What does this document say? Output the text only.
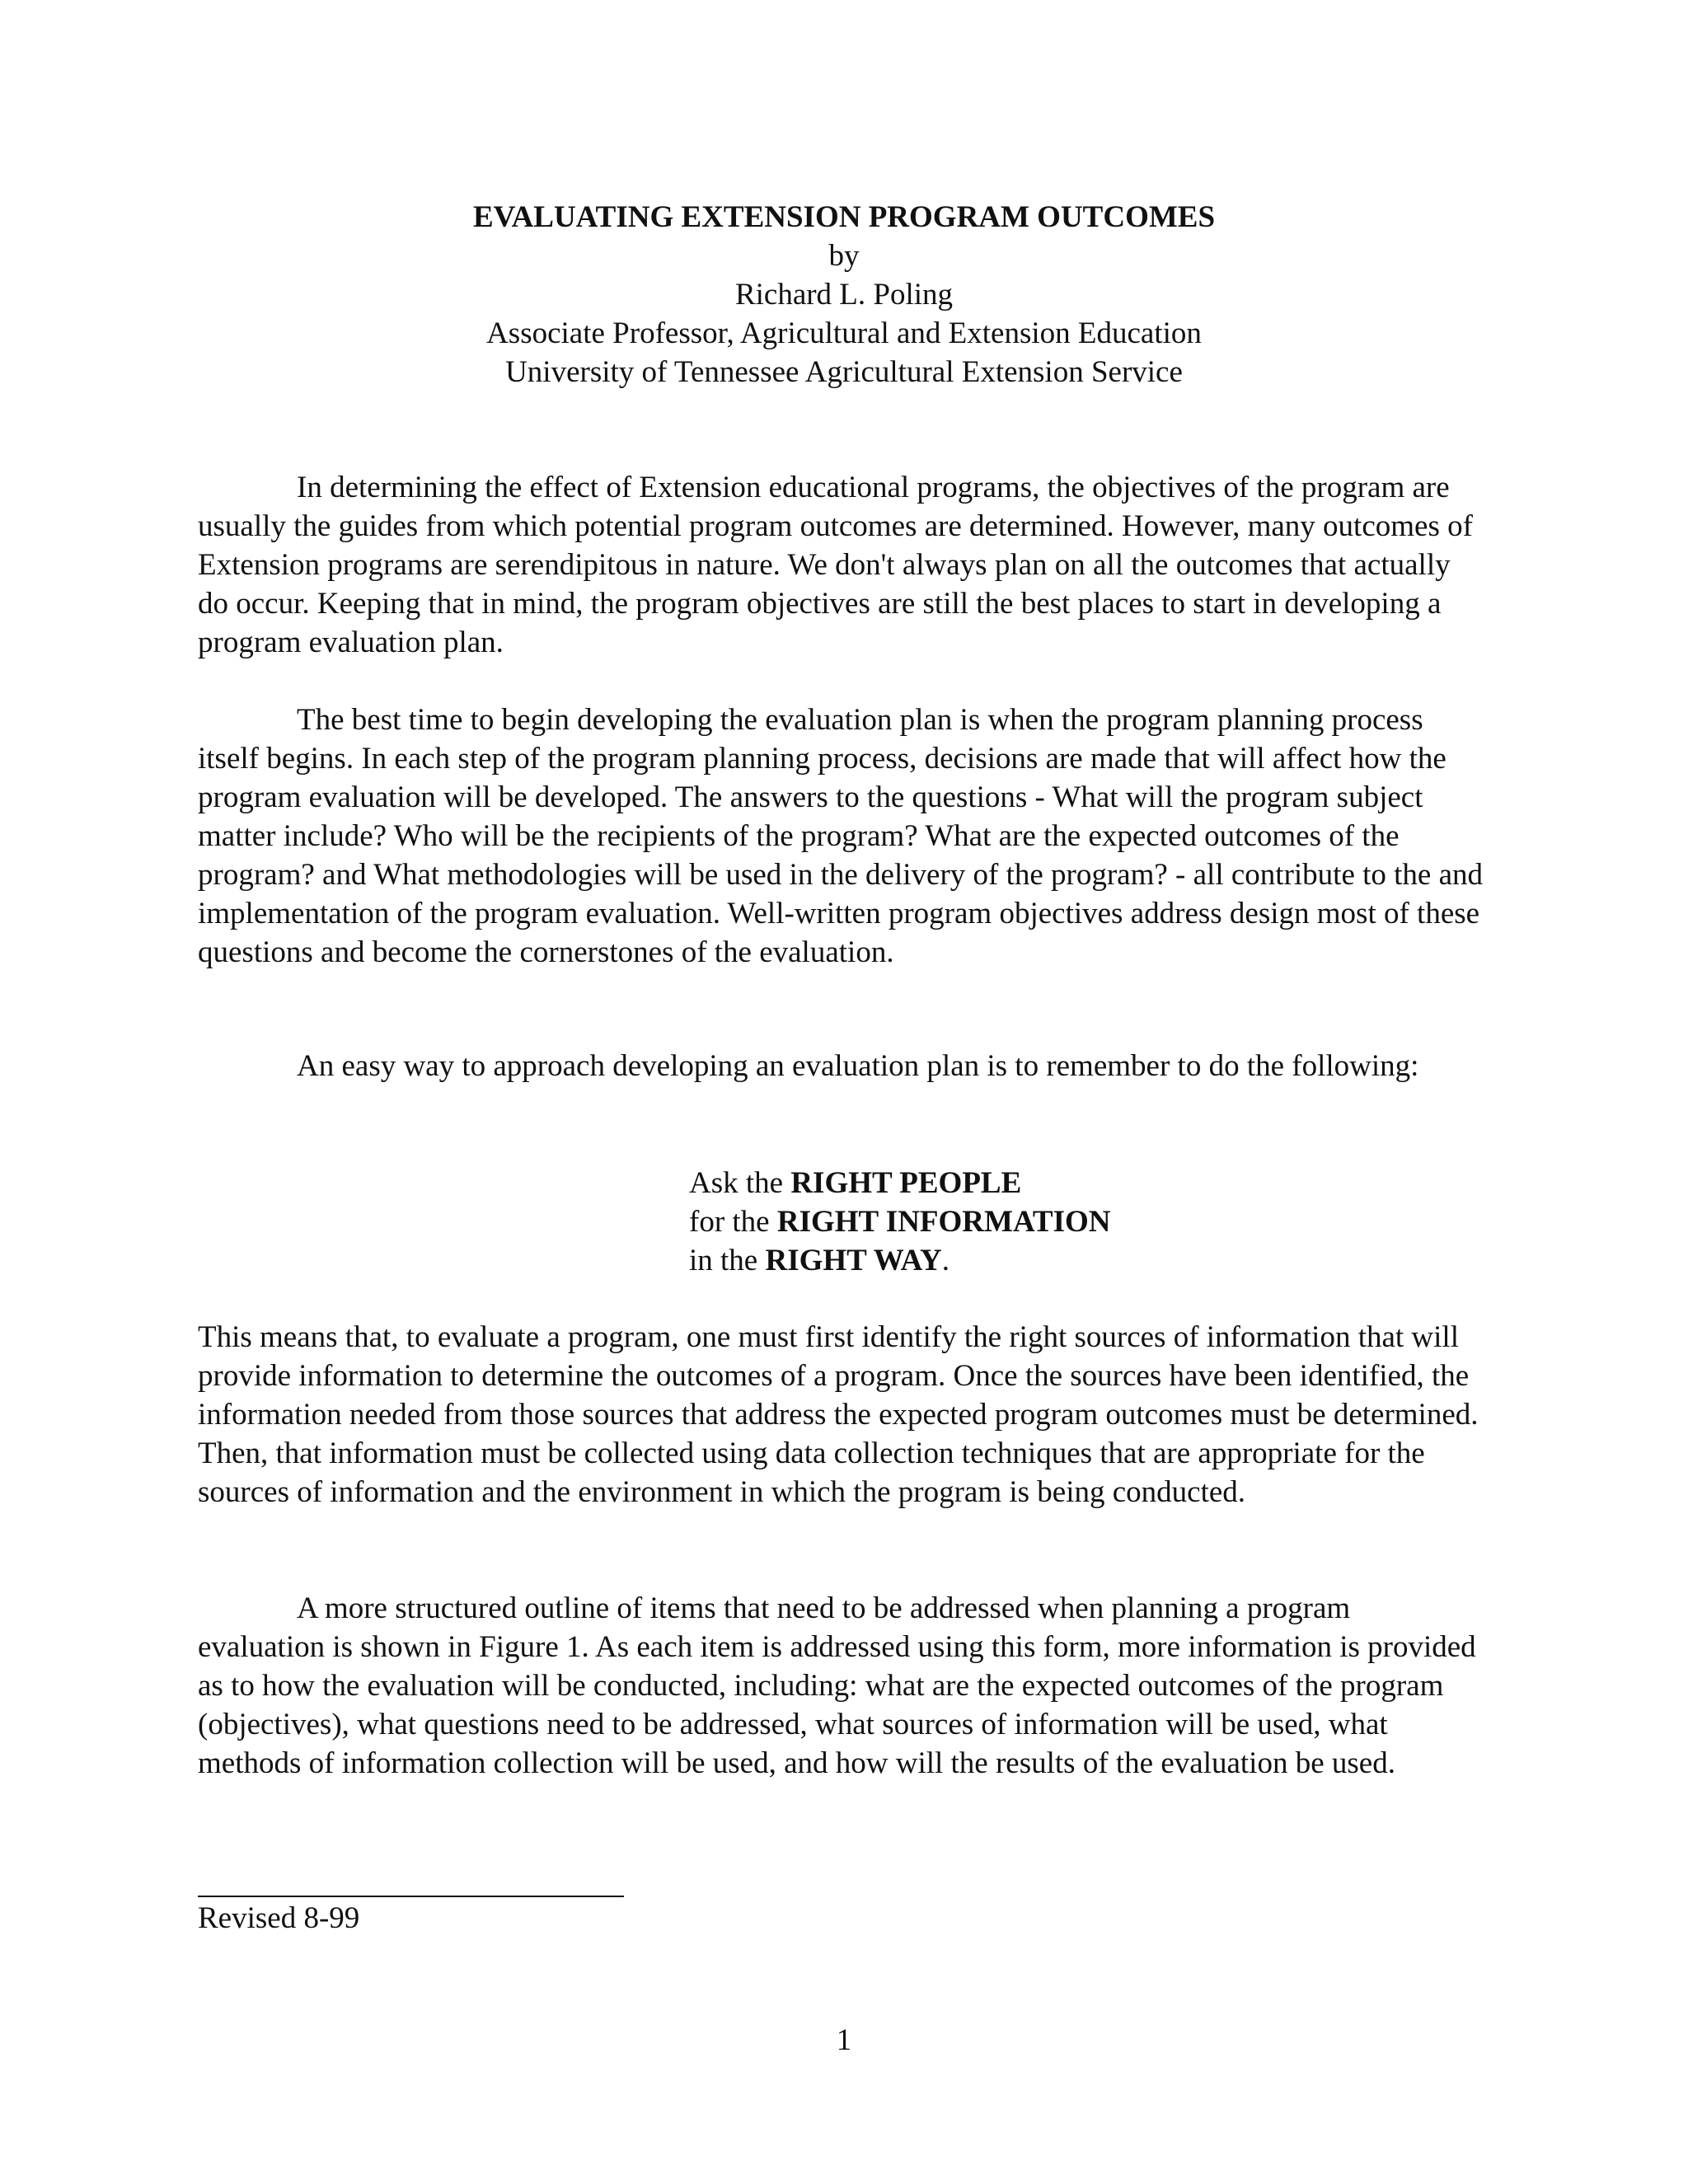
EVALUATING EXTENSION PROGRAM OUTCOMES
by
Richard L. Poling
Associate Professor, Agricultural and Extension Education
University of Tennessee Agricultural Extension Service

In determining the effect of Extension educational programs, the objectives of the program are usually the guides from which potential program outcomes are determined. However, many outcomes of Extension programs are serendipitous in nature. We don't always plan on all the outcomes that actually do occur. Keeping that in mind, the program objectives are still the best places to start in developing a program evaluation plan.

The best time to begin developing the evaluation plan is when the program planning process itself begins. In each step of the program planning process, decisions are made that will affect how the program evaluation will be developed. The answers to the questions - What will the program subject matter include? Who will be the recipients of the program? What are the expected outcomes of the program? and What methodologies will be used in the delivery of the program? - all contribute to the and implementation of the program evaluation. Well-written program objectives address design most of these questions and become the cornerstones of the evaluation.

An easy way to approach developing an evaluation plan is to remember to do the following:

Ask the RIGHT PEOPLE
for the RIGHT INFORMATION
in the RIGHT WAY.

This means that, to evaluate a program, one must first identify the right sources of information that will provide information to determine the outcomes of a program. Once the sources have been identified, the information needed from those sources that address the expected program outcomes must be determined. Then, that information must be collected using data collection techniques that are appropriate for the sources of information and the environment in which the program is being conducted.

A more structured outline of items that need to be addressed when planning a program evaluation is shown in Figure 1. As each item is addressed using this form, more information is provided as to how the evaluation will be conducted, including: what are the expected outcomes of the program (objectives), what questions need to be addressed, what sources of information will be used, what methods of information collection will be used, and how will the results of the evaluation be used.

Revised 8-99
1
